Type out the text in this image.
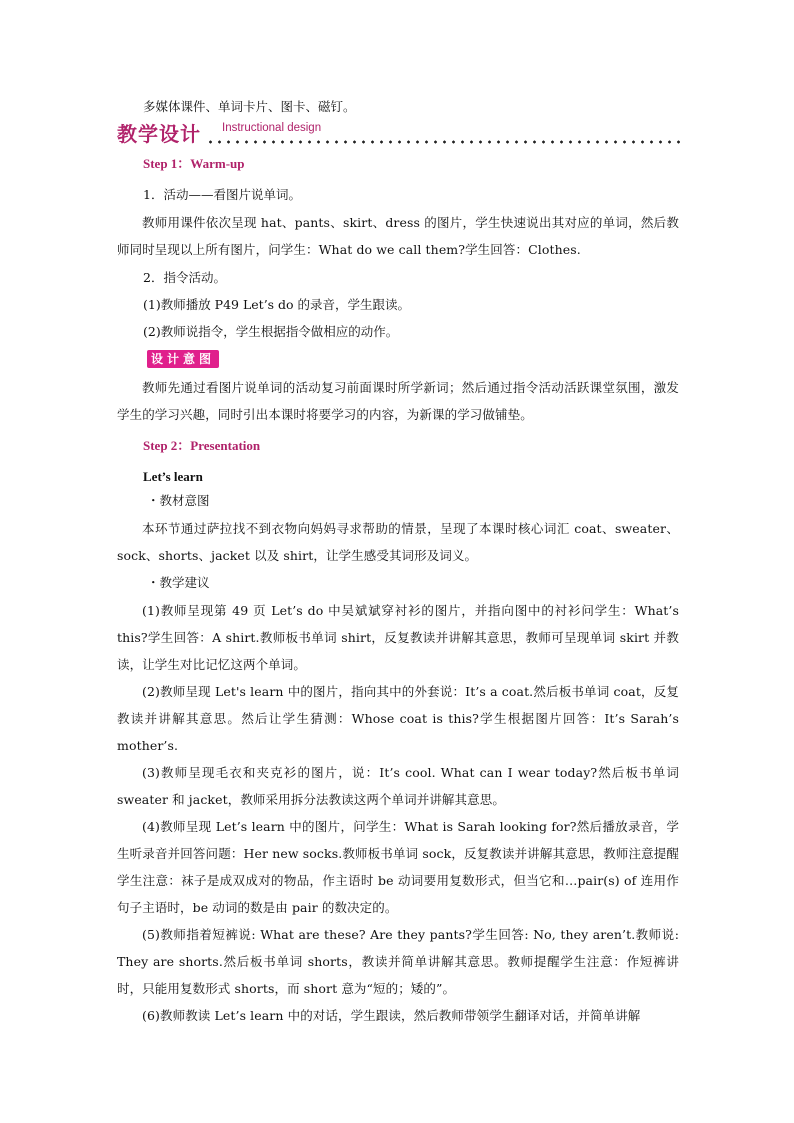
多媒体课件、单词卡片、图卡、磁钉。
教学设计 Instructional design
Step 1：Warm-up
1．活动——看图片说单词。

教师用课件依次呈现 hat、pants、skirt、dress 的图片，学生快速说出其对应的单词，然后教师同时呈现以上所有图片，问学生：What do we call them?学生回答：Clothes.

2．指令活动。
(1)教师播放 P49 Let’s do 的录音，学生跟读。
(2)教师说指令，学生根据指令做相应的动作。
设计意图

教师先通过看图片说单词的活动复习前面课时所学新词；然后通过指令活动活跃课堂氛围，激发学生的学习兴趣，同时引出本课时将要学习的内容，为新课的学习做铺垫。

Step 2：Presentation
Let’s learn
・教材意图

本环节通过萨拉找不到衣物向妈妈寻求帮助的情景，呈现了本课时核心词汇 coat、sweater、sock、shorts、jacket 以及 shirt，让学生感受其词形及词义。

・教学建议

(1)教师呈现第 49 页 Let’s do 中吴斌斌穿衬衫的图片，并指向图中的衬衫问学生：What’s this?学生回答：A shirt.教师板书单词 shirt，反复教读并讲解其意思，教师可呈现单词 skirt 并教读，让学生对比记忆这两个单词。

(2)教师呈现 Let's learn 中的图片，指向其中的外套说：It’s a coat.然后板书单词 coat，反复教读并讲解其意思。然后让学生猜测：Whose coat is this?学生根据图片回答：It’s Sarah’s mother’s.

(3)教师呈现毛衣和夹克衫的图片，说：It’s cool. What can I wear today?然后板书单词 sweater 和 jacket，教师采用拆分法教读这两个单词并讲解其意思。

(4)教师呈现 Let’s learn 中的图片，问学生：What is Sarah looking for?然后播放录音，学生听录音并回答问题：Her new socks.教师板书单词 sock，反复教读并讲解其意思，教师注意提醒学生注意：袜子是成双成对的物品，作主语时 be 动词要用复数形式，但当它和…pair(s) of 连用作句子主语时，be 动词的数是由 pair 的数决定的。

(5)教师指着短裤说: What are these? Are they pants?学生回答: No, they aren’t.教师说: They are shorts.然后板书单词 shorts，教读并简单讲解其意思。教师提醒学生注意：作短裤讲时，只能用复数形式 shorts，而 short 意为“短的；矮的”。

(6)教师教读 Let’s learn 中的对话，学生跟读，然后教师带领学生翻译对话，并简单讲解
